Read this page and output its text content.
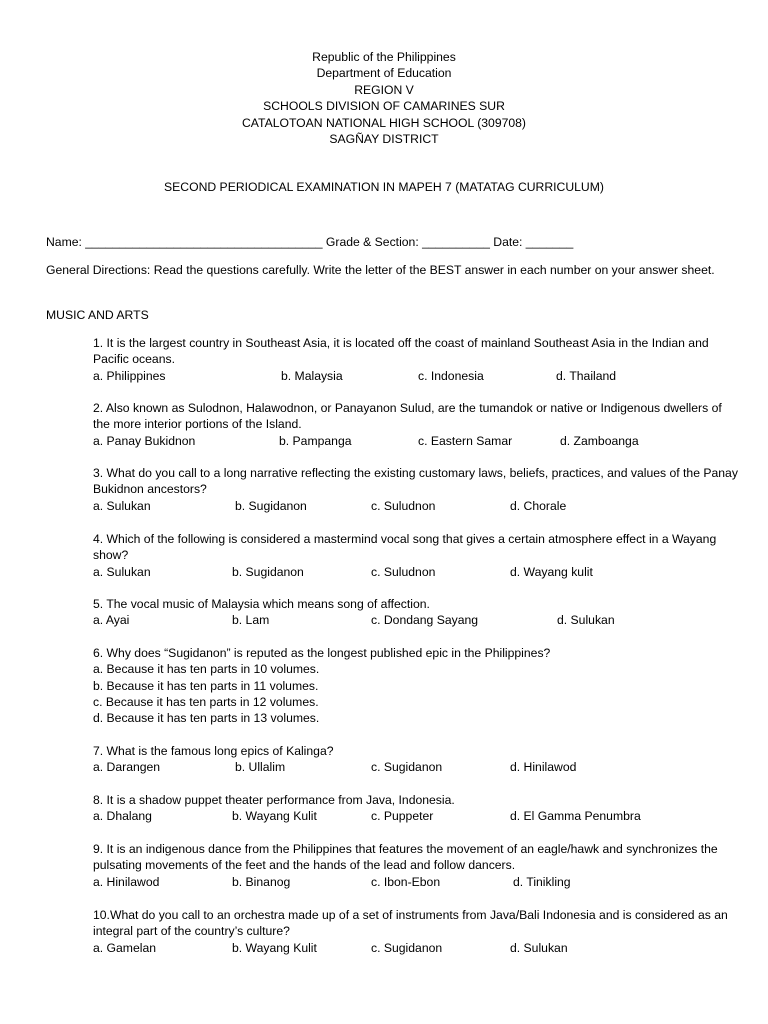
Republic of the Philippines
Department of Education
REGION V
SCHOOLS DIVISION OF CAMARINES SUR
CATALOTOAN NATIONAL HIGH SCHOOL (309708)
SAGÑAY DISTRICT
SECOND PERIODICAL EXAMINATION IN MAPEH 7 (MATATAG CURRICULUM)
Name: ___________________________________ Grade & Section: __________ Date: _______
General Directions: Read the questions carefully. Write the letter of the BEST answer in each number on your answer sheet.
MUSIC AND ARTS

1. It is the largest country in Southeast Asia, it is located off the coast of mainland Southeast Asia in the Indian and Pacific oceans.

a. Philippines	b. Malaysia	c. Indonesia	d. Thailand

2. Also known as Sulodnon, Halawodnon, or Panayanon Sulud, are the tumandok or native or Indigenous dwellers of the more interior portions of the Island.

a. Panay Bukidnon	b. Pampanga	c. Eastern Samar	d. Zamboanga

3. What do you call to a long narrative reflecting the existing customary laws, beliefs, practices, and values of the Panay Bukidnon ancestors?

a. Sulukan	b. Sugidanon	c. Suludnon	d. Chorale

4. Which of the following is considered a mastermind vocal song that gives a certain atmosphere effect in a Wayang show?

a. Sulukan	b. Sugidanon	c. Suludnon	d. Wayang kulit

5. The vocal music of Malaysia which means song of affection.

a. Ayai	b. Lam	c. Dondang Sayang	d. Sulukan

6. Why does “Sugidanon” is reputed as the longest published epic in the Philippines?

a. Because it has ten parts in 10 volumes.

b. Because it has ten parts in 11 volumes.

c. Because it has ten parts in 12 volumes.

d. Because it has ten parts in 13 volumes.

7. What is the famous long epics of Kalinga?

a. Darangen	b. Ullalim	c. Sugidanon	d. Hinilawod

8. It is a shadow puppet theater performance from Java, Indonesia.

a. Dhalang	b. Wayang Kulit	c. Puppeter	d. El Gamma Penumbra

9. It is an indigenous dance from the Philippines that features the movement of an eagle/hawk and synchronizes the pulsating movements of the feet and the hands of the lead and follow dancers.

a. Hinilawod	b. Binanog	c. Ibon-Ebon	d. Tinikling

10.What do you call to an orchestra made up of a set of instruments from Java/Bali Indonesia and is considered as an integral part of the country’s culture?

a. Gamelan	b. Wayang Kulit	c. Sugidanon	d. Sulukan
